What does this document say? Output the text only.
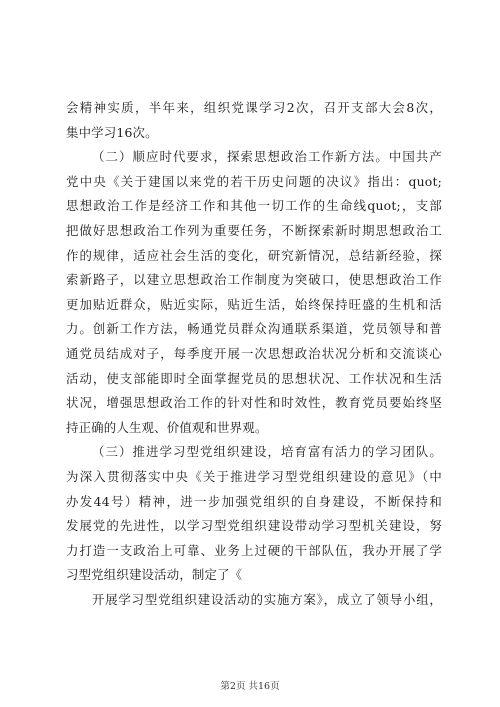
会精神实质，半年来，组织党课学习2次，召开支部大会8次，
集中学习16次。
（二）顺应时代要求，探索思想政治工作新方法。中国共产
党中央《关于建国以来党的若干历史问题的决议》指出：quot;
思想政治工作是经济工作和其他一切工作的生命线quot;，支部
把做好思想政治工作列为重要任务，不断探索新时期思想政治工
作的规律，适应社会生活的变化，研究新情况，总结新经验，探
索新路子，以建立思想政治工作制度为突破口，使思想政治工作
更加贴近群众，贴近实际，贴近生活，始终保持旺盛的生机和活
力。创新工作方法，畅通党员群众沟通联系渠道，党员领导和普
通党员结成对子，每季度开展一次思想政治状况分析和交流谈心
活动，使支部能即时全面掌握党员的思想状况、工作状况和生活
状况，增强思想政治工作的针对性和时效性，教育党员要始终坚
持正确的人生观、价值观和世界观。
（三）推进学习型党组织建设，培育富有活力的学习团队。
为深入贯彻落实中央《关于推进学习型党组织建设的意见》（中
办发44号）精神，进一步加强党组织的自身建设，不断保持和
发展党的先进性，以学习型党组织建设带动学习型机关建设，努
力打造一支政治上可靠、业务上过硬的干部队伍，我办开展了学
习型党组织建设活动，制定了《
开展学习型党组织建设活动的实施方案》，成立了领导小组，
第2页 共16页
